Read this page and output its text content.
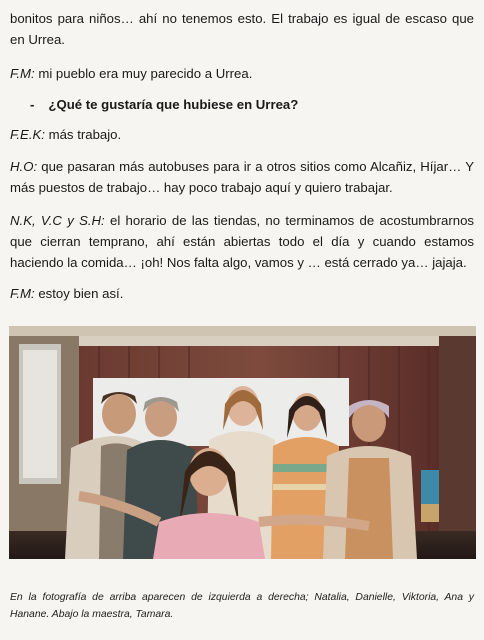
bonitos para niños… ahí no tenemos esto. El trabajo es igual de escaso que en Urrea.

F.M: mi pueblo era muy parecido a Urrea.

- ¿Qué te gustaría que hubiese en Urrea?

F.E.K: más trabajo.

H.O: que pasaran más autobuses para ir a otros sitios como Alcañiz, Híjar… Y más puestos de trabajo… hay poco trabajo aquí y quiero trabajar.

N.K, V.C y S.H: el horario de las tiendas, no terminamos de acostumbrarnos que cierran temprano, ahí están abiertas todo el día y cuando estamos haciendo la comida… ¡oh! Nos falta algo, vamos y … está cerrado ya… jajaja.

F.M: estoy bien así.

En la fotografía de arriba aparecen de izquierda a derecha; Natalia, Danielle, Viktoria, Ana y Hanane. Abajo la maestra, Tamara.
